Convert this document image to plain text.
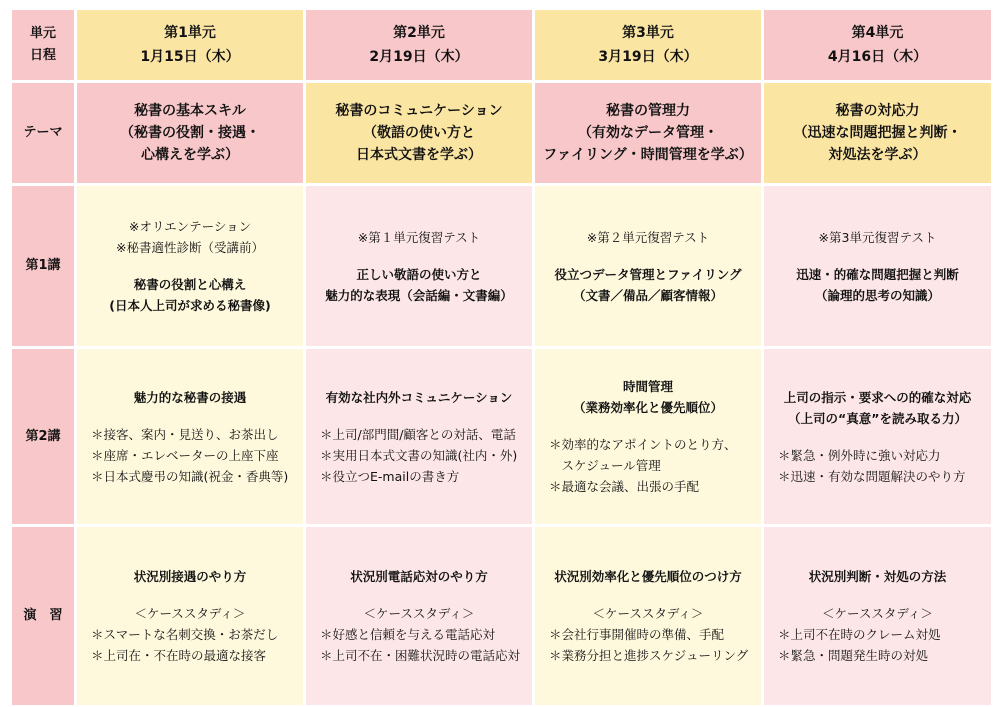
単元
日程
第1単元
1月15日（木）
第2単元
2月19日（木）
第3単元
3月19日（木）
第4単元
4月16日（木）
テーマ
秘書の基本スキル
（秘書の役割・接遇・
心構えを学ぶ）
秘書のコミュニケーション
（敬語の使い方と
日本式文書を学ぶ）
秘書の管理力
（有効なデータ管理・
ファイリング・時間管理を学ぶ）
秘書の対応力
（迅速な問題把握と判断・
対処法を学ぶ）
第1講
※オリエンテーション
※秘書適性診断（受講前）
秘書の役割と心構え
(日本人上司が求める秘書像)
※第１単元復習テスト
正しい敬語の使い方と
魅力的な表現（会話編・文書編）
※第２単元復習テスト
役立つデータ管理とファイリング
（文書／備品／顧客情報）
※第3単元復習テスト
迅速・的確な問題把握と判断
（論理的思考の知識）
第2講
魅力的な秘書の接遇
＊接客、案内・見送り、お茶出し
＊座席・エレベーターの上座下座
＊日本式慶弔の知識(祝金・香典等)
有効な社内外コミュニケーション
＊上司/部門間/顧客との対話、電話
＊実用日本式文書の知識(社内・外)
＊役立つE-mailの書き方
時間管理
（業務効率化と優先順位）
＊効率的なアポイントのとり方、
　スケジュール管理
＊最適な会議、出張の手配
上司の指示・要求への的確な対応
（上司の“真意”を読み取る力）
＊緊急・例外時に強い対応力
＊迅速・有効な問題解決のやり方
演　習
状況別接遇のやり方
＜ケーススタディ＞
＊スマートな名刺交換・お茶だし
＊上司在・不在時の最適な接客
状況別電話応対のやり方
＜ケーススタディ＞
＊好感と信頼を与える電話応対
＊上司不在・困難状況時の電話応対
状況別効率化と優先順位のつけ方
＜ケーススタディ＞
＊会社行事開催時の準備、手配
＊業務分担と進捗スケジューリング
状況別判断・対処の方法
＜ケーススタディ＞
＊上司不在時のクレーム対処
＊緊急・問題発生時の対処
